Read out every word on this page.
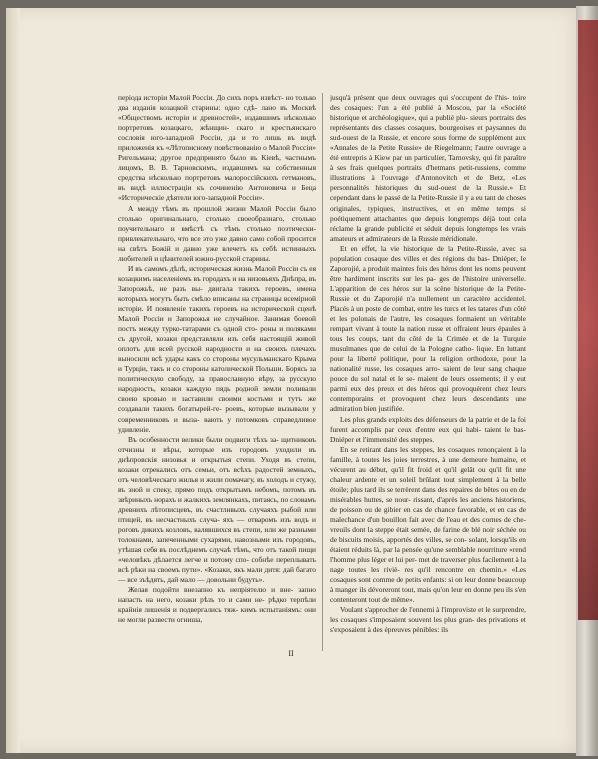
періода исторіи Малой Россіи. До сихъ поръ извѣст- но только два изданія козацкой старины: одно сдѣ- лано въ Москвѣ «Обществомъ исторіи и древностей», издавшимъ нѣсколько портретовъ козацкаго, жѣнщин- скаго и крестьянскаго сословія юго-западной Россіи, да и то лишь въ видѣ приложенія къ «Лѣтописному повѣствованію о Малой Россіи» Ригельмана; другое предпринято было въ Кіевѣ, частнымъ лицомъ, В. В. Тарновскимъ, издавшимъ на собственныя средства нѣсколько портретовъ малороссійскихъ гетмановъ, въ видѣ иллюстраціи къ сочиненію Антоновича и Беца «Историческіе дѣятели юго-западной Россіи».

А между тѣмъ въ прошлой жизни Малой Россіи было столько оригинальнаго, столько своеобразнаго, столько поучительнаго и вмѣстѣ съ тѣмъ столько поэтически-привлекательнаго, что все это уже давно само собой просится на свѣтъ Божій и давно уже влечетъ къ себѣ истинныхъ любителей и цѣнителей южно-русской старины.

И въ самомъ дѣлѣ, историческая жизнь Малой Россіи съ ея козацкимъ населеніемъ въ городахъ и на низовьяхъ Днѣпра, въ Запорожьѣ, не разъ вы- двигала такихъ героевъ, имена которыхъ могутъ быть смѣло вписаны на страницы всемірной исторіи. И появленіе такихъ героевъ на исторической сценѣ Малой Россіи и Запорожья не случайное. Занимая боевой постъ между турко-татарами съ одной сто- роны и поляками съ другой, козаки представляли изъ себя настоящій живой оплотъ для всей русской народности и на своихъ плечахъ выносили всѣ удары какъ со стороны мусульманскаго Крыма и Турціи, такъ и со стороны католической Польши. Борясь за политическую свободу, за православную вѣру, за русскую народность, козаки каждую пядь родной земли поливали своею кровью и заставили своими костьми и тутъ же создавали такихъ богатырей-ге- роевъ, которые вызывали у современниковъ и выза- вають у потомковъ справедливое удивленіе.

Въ особенности велики были подвиги тѣхъ за- щитниковъ отчизны и вѣры, которые изъ городовъ уходили въ днѣпровскія низовья и открытыя степи. Уходя въ степи, козаки отрекались отъ семьи, отъ всѣхъ радостей земныхъ, отъ человѣческаго жилья и жили помачагу, въ холодъ и стужу, въ зной и спеку, прямо подъ открытымъ небомъ, потомъ въ звѣриныхъ норахъ и жалкихъ землянкахъ, питаясь, по словамъ древнихъ лѣтописцевъ, въ счастливыхъ случаяхъ рыбой или птицей, въ несчастныхъ случа- яхъ — отваромъ изъ водъ и роговъ дикихъ козловъ, валявшихся въ степи, или же разными толокнами, запеченными сухарями, навозными изъ городовъ, утѣшая себя въ послѣднемъ случаѣ тѣмъ, что отъ такой пищи «человѣкъ дѣлается легче и потому спо- собнѣе переплывать всѣ рѣки на своемъ пути». «Козаки, якъ мали дитя: дай багато — все зъѣдять, дай мало — довольни будуть».

Желая подойти внезапно къ непріятелю и вне- запно напасть на него, козаки рѣзъ то и сами не- рѣдко терпѣли крайнія лишенія и подвергались тяж- кимъ испытаніямъ: они не могли развести огниша,

jusqu'à présent que deux ouvrages qui s'occupent de l'his- toire des cosaques: l'un a été publié à Moscou, par la «Société historique et archéologique», qui a publié plu- sieurs portraits des représentants des classes cosaques, bourgeoises et paysannes du sud-ouest de la Russie, et encore sous forme de supplément aux «Annales de la Petite Russie» de Riegelmann; l'autre ouvrage a été entrepris à Kiew par un particulier, Tarnovsky, qui fit paraître à ses frais quelques portraits d'hetmans petit-russiens, comme illustrations à l'ouvrage d'Antonovitch et de Betz, «Les personnalités historiques du sud-ouest de la Russie.» Et cependant dans le passé de la Petite-Russie il y a eu tant de choses originales, typiques, instructives, et en même temps si poétiquement attachantes que depuis longtemps déjà tout cela réclame la grande publicité et séduit depuis longtemps les vrais amateurs et admirateurs de la Russie méridionale.

Et en effet, la vie historique de la Petite-Russie, avec sa population cosaque des villes et des régions du bas- Dniéper, le Zaporojié, a produit maintes fois des héros dont les noms peuvent être hardiment inscrits sur les pa- ges de l'histoire universelle. L'apparition de ces héros sur la scène historique de la Petite-Russie et du Zaporojié n'a nullement un caractère accidentel. Placés à un poste de combat, entre les turcs et les tatares d'un côté et les polonais de l'autre, les cosaques formaient un véritable rempart vivant à toute la nation russe et offraient leurs épaules à tous les coups, tant du côté de la Crimée et de la Turquie musulmanes que de celui de la Pologne catho- lique. En luttant pour la liberté politique, pour la religion orthodoxe, pour la nationalité russe, les cosaques arro- saient de leur sang chaque pouce du sol natal et le se- maient de leurs ossements; il y eut parmi eux des preux et des héros qui provoquèrent chez leurs contemporains et provoquent chez leurs descendants une admiration bien justifiée.

Les plus grands exploits des défenseurs de la patrie et de la foi furent accomplis par ceux d'entre eux qui habi- taient le bas-Dniéper et l'immensité des steppes.

En se retirant dans les steppes, les cosaques renonçaient à la famille, à toutes les joies terrestres, à une demeure humaine, et vécurent au début, qu'il fit froid et qu'il gelât ou qu'il fit une chaleur ardente et un soleil brûlant tout simplement à la belle étoile; plus tard ils se terrèrent dans des repaires de bêtes ou en de misérables huttes, se nour- rissant, d'après les anciens historiens, de poisson ou de gibier en cas de chance favorable, et en cas de malechance d'un bouillon fait avec de l'eau et des cornes de che- vreuils dont la steppe était semée, de farine de blé noir séchée ou de biscuits moisis, apportés des villes, se con- solant, lorsqu'ils en étaient réduits là, par la pensée qu'une semblable nourriture «rend l'homme plus léger et lui per- met de traverser plus facilement à la nage toutes les riviè- res qu'il rencontre en chemin.» «Les cosaques sont comme de petits enfants: si on leur donne beaucoup à manger ils dévoreront tout, mais qu'on leur en donne peu ils s'en contenteront tout de même».

Voulant s'approcher de l'ennemi à l'improviste et le surprendre, les cosaques s'imposaient souvent les plus gran- des privations et s'exposaient à des épreuves pénibles: ils

II
